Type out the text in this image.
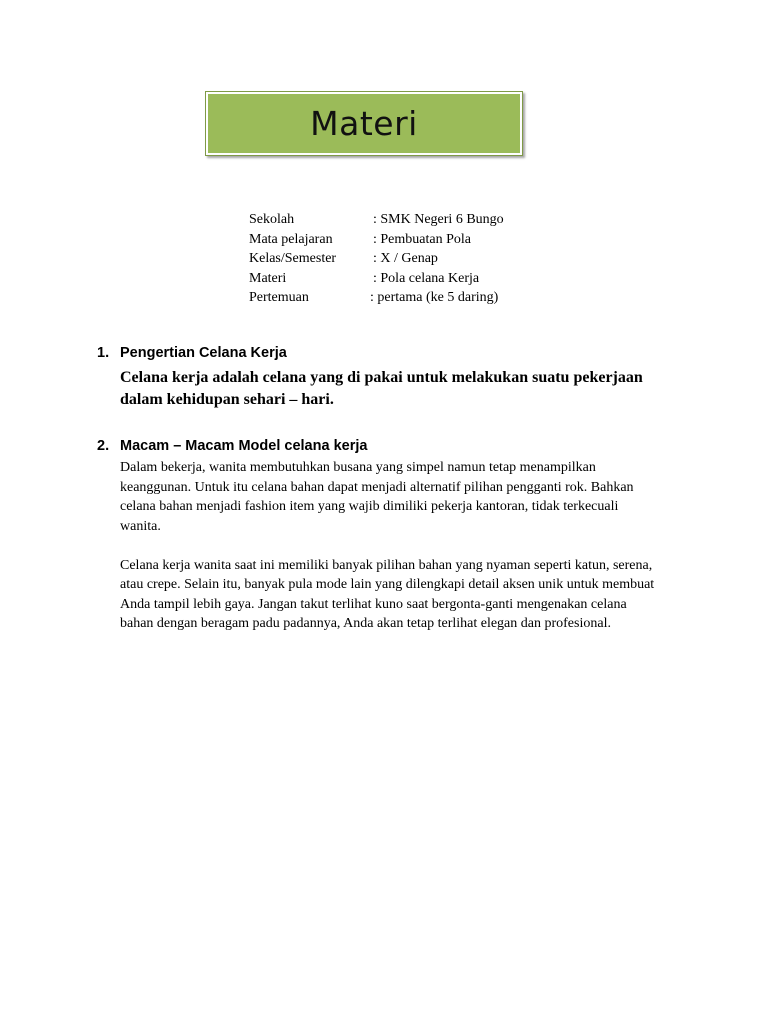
Materi
Sekolah	: SMK Negeri 6 Bungo
Mata pelajaran	: Pembuatan Pola
Kelas/Semester	: X / Genap
Materi	: Pola celana Kerja
Pertemuan	: pertama (ke 5 daring)
1. Pengertian Celana Kerja
Celana kerja adalah celana yang di pakai untuk melakukan suatu pekerjaan dalam kehidupan sehari – hari.
2. Macam – Macam Model celana kerja

Dalam bekerja, wanita membutuhkan busana yang simpel namun tetap menampilkan keanggunan. Untuk itu celana bahan dapat menjadi alternatif pilihan pengganti rok. Bahkan celana bahan menjadi fashion item yang wajib dimiliki pekerja kantoran, tidak terkecuali wanita.

Celana kerja wanita saat ini memiliki banyak pilihan bahan yang nyaman seperti katun, serena, atau crepe. Selain itu, banyak pula mode lain yang dilengkapi detail aksen unik untuk membuat Anda tampil lebih gaya. Jangan takut terlihat kuno saat bergonta-ganti mengenakan celana bahan dengan beragam padu padannya, Anda akan tetap terlihat elegan dan profesional.
